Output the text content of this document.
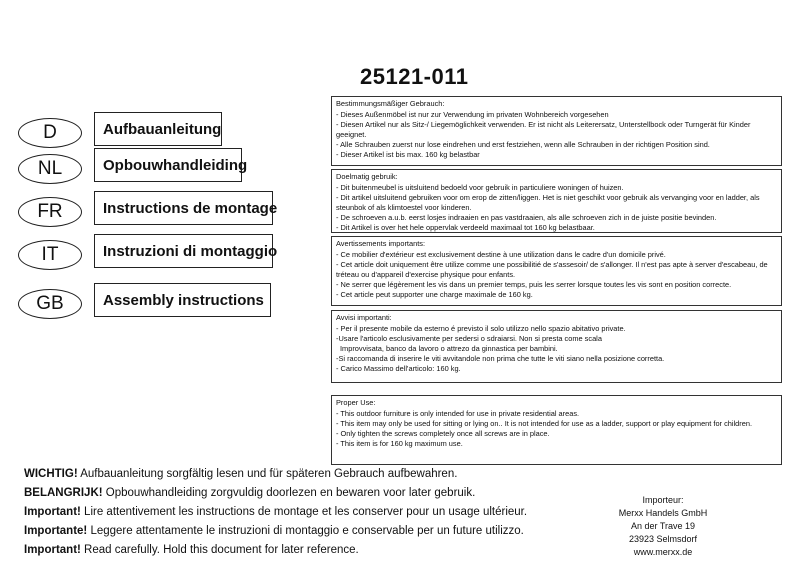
25121-011
D	Aufbauanleitung
NL	Opbouwhandleiding
FR	Instructions de montage
IT	Instruzioni di montaggio
GB	Assembly instructions
Bestimmungsmäßiger Gebrauch:
- Dieses Außenmöbel ist nur zur Verwendung im privaten Wohnbereich vorgesehen
- Diesen Artikel nur als Sitz-/ Liegemöglichkeit verwenden. Er ist nicht als Leiterersatz, Unterstellbock oder Turngerät für Kinder geeignet.
- Alle Schrauben zuerst nur lose eindrehen und erst festziehen, wenn alle Schrauben in der richtigen Position sind.
- Dieser Artikel ist bis max. 160 kg belastbar
Doelmatig gebruik:
- Dit buitenmeubel is uitsluitend bedoeld voor gebruik in particuliere woningen of huizen.
- Dit artikel uitsluitend gebruiken voor om erop de zitten/liggen. Het is niet geschikt voor gebruik als vervanging voor en ladder, als steunbok of als klimtoestel voor kinderen.
- De schroeven a.u.b. eerst losjes indraaien en pas vastdraaien, als alle schroeven zich in de juiste positie bevinden.
- Dit Artikel is over het hele oppervlak verdeeld maximaal tot 160 kg belastbaar.
Avertissements importants:
- Ce mobilier d'extérieur est exclusivement destine à une utilization dans le cadre d'un domicile privé.
- Cet article doit uniquement être utilize comme une possibilitié de s'assesoir/ de s'allonger. Il n'est pas apte à server d'escabeau, de tréteau ou d'appareil d'exercise physique pour enfants.
- Ne serrer que légèrement les vis dans un premier temps, puis les serrer lorsque toutes les vis sont en position correcte.
- Cet article peut supporter une charge maximale de 160 kg.
Avvisi importanti:
- Per il presente mobile da esterno é previsto il solo utilizzo nello spazio abitativo private.
-Usare l'articolo esclusivamente per sedersi o sdraiarsi. Non si presta come scala
Improvvisata, banco da lavoro o attrezo da ginnastica per bambini.
-Si raccomanda di inserire le viti avvitandole non prima che tutte le viti siano nella posizione corretta.
- Carico Massimo dell'articolo: 160 kg.
Proper Use:
- This outdoor furniture is only intended for use in private residential areas.
- This item may only be used for sitting or lying on.. It is not intended for use as a ladder, support or play equipment for children.
- Only tighten the screws completely once all screws are in place.
- This item is for 160 kg maximum use.
WICHTIG! Aufbauanleitung sorgfältig lesen und für späteren Gebrauch aufbewahren.
BELANGRIJK! Opbouwhandleiding zorgvuldig doorlezen en bewaren voor later gebruik.
Important! Lire attentivement les instructions de montage et les conserver pour un usage ultérieur.
Importante! Leggere attentamente le instruzioni di montaggio e conservable per un future utilizzo.
Important! Read carefully. Hold this document for later reference.
Importeur:
Merxx Handels GmbH
An der Trave 19
23923 Selmsdorf
www.merxx.de
